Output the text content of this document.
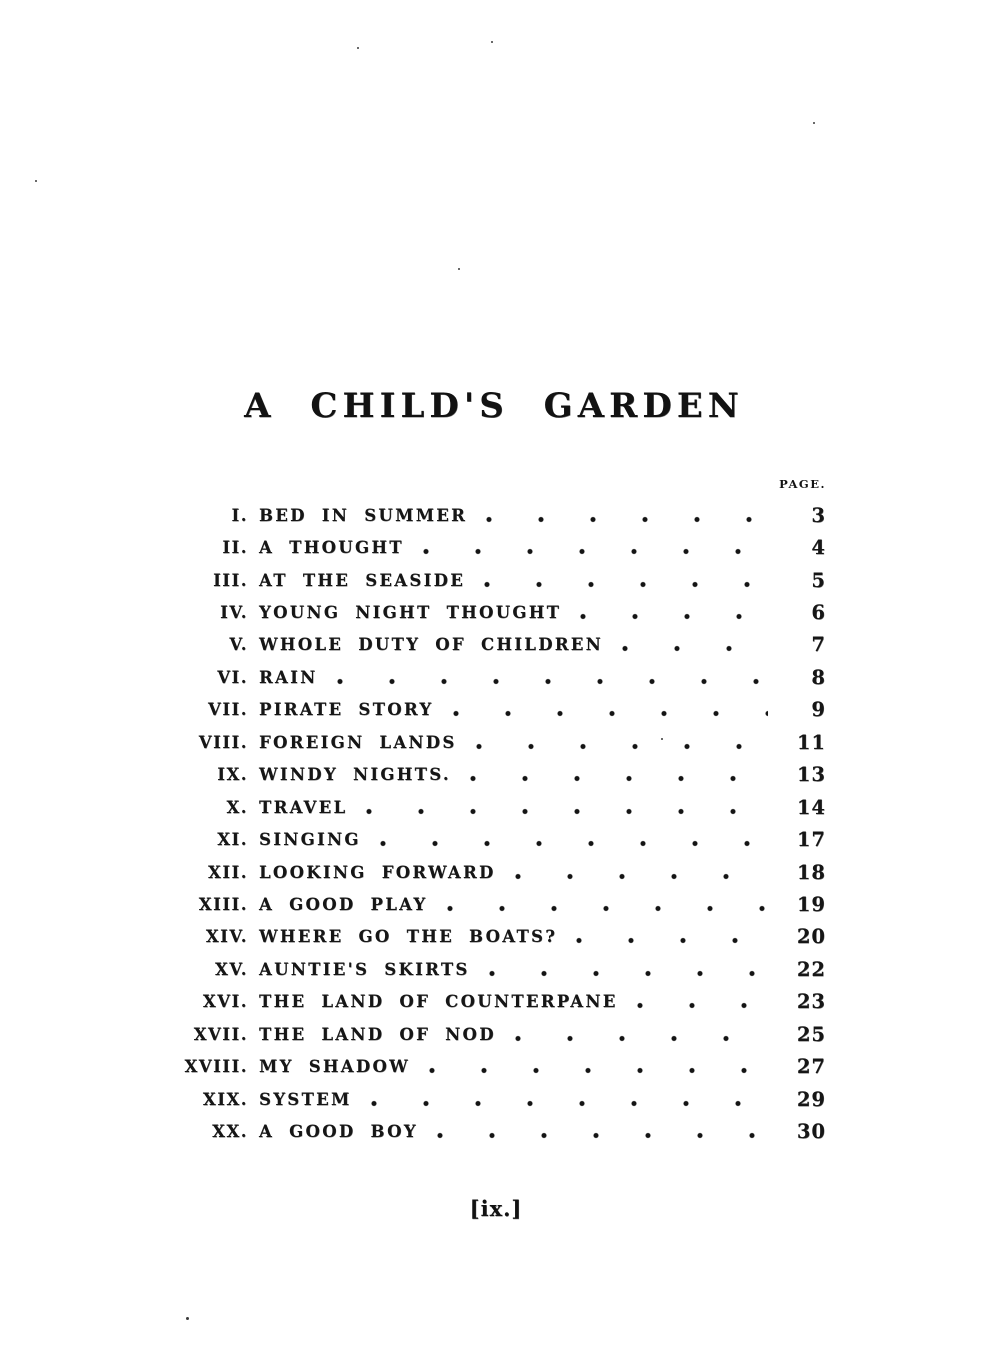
A CHILD'S GARDEN
PAGE.
I. BED IN SUMMER	3
II. A THOUGHT	4
III. AT THE SEASIDE	5
IV. YOUNG NIGHT THOUGHT	6
V. WHOLE DUTY OF CHILDREN	7
VI. RAIN	8
VII. PIRATE STORY	9
VIII. FOREIGN LANDS	11
IX. WINDY NIGHTS.	13
X. TRAVEL	14
XI. SINGING	17
XII. LOOKING FORWARD	18
XIII. A GOOD PLAY	19
XIV. WHERE GO THE BOATS?	20
XV. AUNTIE'S SKIRTS	22
XVI. THE LAND OF COUNTERPANE	23
XVII. THE LAND OF NOD	25
XVIII. MY SHADOW	27
XIX. SYSTEM	29
XX. A GOOD BOY	30
[ix.]
